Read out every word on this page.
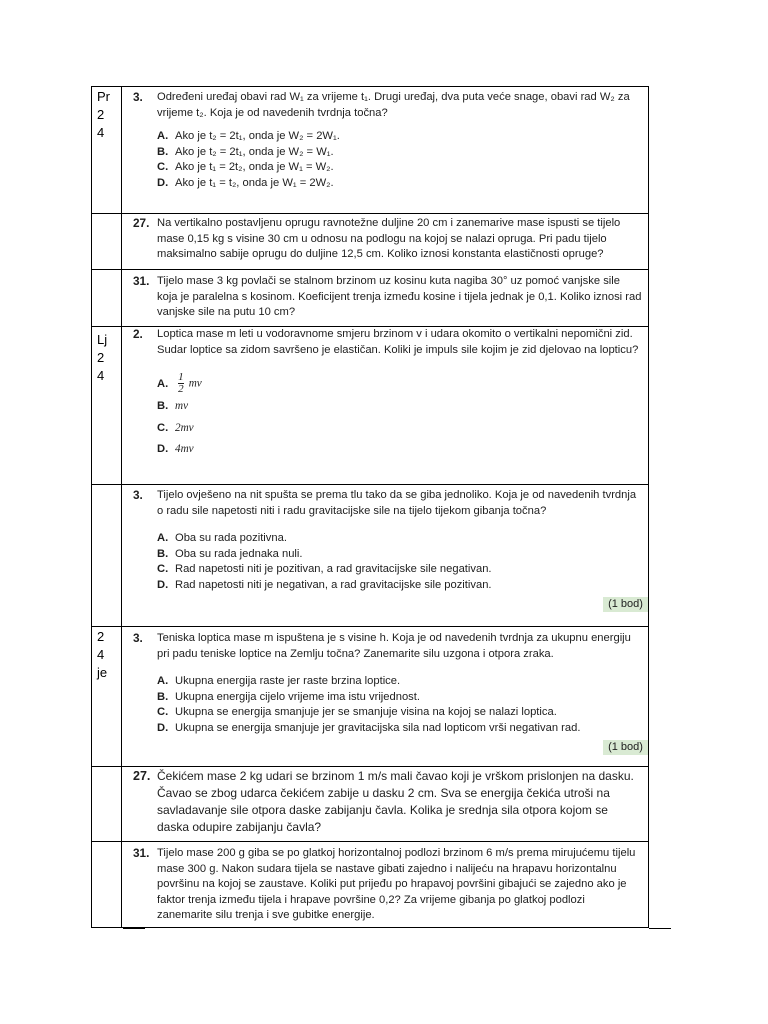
Pr
2
4
Lj
2
4
2
4
je
3. Određeni uređaj obavi rad W₁ za vrijeme t₁. Drugi uređaj, dva puta veće snage, obavi rad W₂ za vrijeme t₂. Koja je od navedenih tvrdnja točna?
A. Ako je t₂ = 2t₁, onda je W₂ = 2W₁.
B. Ako je t₂ = 2t₁, onda je W₂ = W₁.
C. Ako je t₁ = 2t₂, onda je W₁ = W₂.
D. Ako je t₁ = t₂, onda je W₁ = 2W₂.
27. Na vertikalno postavljenu oprugu ravnotežne duljine 20 cm i zanemarive mase ispusti se tijelo mase 0,15 kg s visine 30 cm u odnosu na podlogu na kojoj se nalazi opruga. Pri padu tijelo maksimalno sabije oprugu do duljine 12,5 cm. Koliko iznosi konstanta elastičnosti opruge?
31. Tijelo mase 3 kg povlači se stalnom brzinom uz kosinu kuta nagiba 30° uz pomoć vanjske sile koja je paralelna s kosinom. Koeficijent trenja između kosine i tijela jednak je 0,1. Koliko iznosi rad vanjske sile na putu 10 cm?
2. Loptica mase m leti u vodoravnome smjeru brzinom v i udara okomito o vertikalni nepomični zid. Sudar loptice sa zidom savršeno je elastičan. Koliki je impuls sile kojim je zid djelovao na lopticu?
A. $\frac{1}{2}$ mv
B. mv
C. 2mv
D. 4mv
3. Tijelo ovješeno na nit spušta se prema tlu tako da se giba jednoliko. Koja je od navedenih tvrdnja o radu sile napetosti niti i radu gravitacijske sile na tijelo tijekom gibanja točna?
A. Oba su rada pozitivna.
B. Oba su rada jednaka nuli.
C. Rad napetosti niti je pozitivan, a rad gravitacijske sile negativan.
D. Rad napetosti niti je negativan, a rad gravitacijske sile pozitivan.
(1 bod)
3. Teniska loptica mase m ispuštena je s visine h. Koja je od navedenih tvrdnja za ukupnu energiju pri padu teniske loptice na Zemlju točna? Zanemarite silu uzgona i otpora zraka.
A. Ukupna energija raste jer raste brzina loptice.
B. Ukupna energija cijelo vrijeme ima istu vrijednost.
C. Ukupna se energija smanjuje jer se smanjuje visina na kojoj se nalazi loptica.
D. Ukupna se energija smanjuje jer gravitacijska sila nad lopticom vrši negativan rad.
(1 bod)
27. Čekićem mase 2 kg udari se brzinom 1 m/s mali čavao koji je vrškom prislonjen na dasku. Čavao se zbog udarca čekićem zabije u dasku 2 cm. Sva se energija čekića utroši na savladavanje sile otpora daske zabijanju čavla. Kolika je srednja sila otpora kojom se daska odupire zabijanju čavla?
31. Tijelo mase 200 g giba se po glatkoj horizontalnoj podlozi brzinom 6 m/s prema mirujućemu tijelu mase 300 g. Nakon sudara tijela se nastave gibati zajedno i nalijeću na hrapavu horizontalnu površinu na kojoj se zaustave. Koliki put prijeđu po hrapavoj površini gibajući se zajedno ako je faktor trenja između tijela i hrapave površine 0,2? Za vrijeme gibanja po glatkoj podlozi zanemarite silu trenja i sve gubitke energije.
